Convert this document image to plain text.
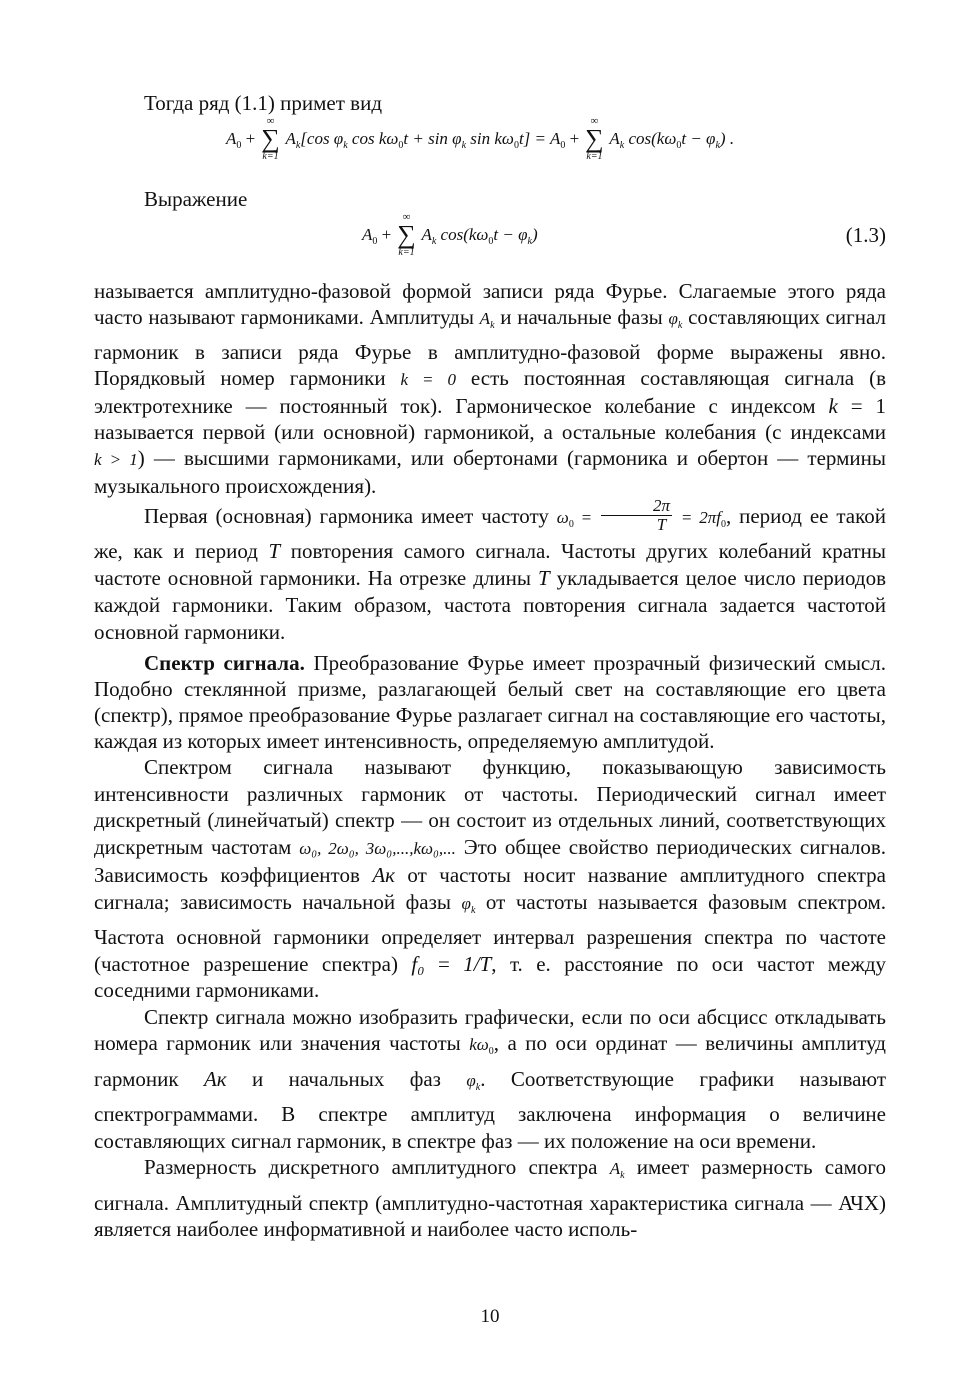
Тогда ряд (1.1) примет вид

$A_0$ +
∞
∑
k=1
$A_k[\cos$ $\varphi_k$ $\cos k\omega_0t + \sin \varphi_k$ $\sin k\omega_0t] = A_0$ +
∞
∑
k=1
$A_k$ $\cos(k\omega_0t - \varphi_k)$ .

Выражение

$A_0$ +
∞
∑
k=1
$A_k$ $\cos(k\omega_0t - \varphi_k)$	(1.3)

называется амплитудно-фазовой формой записи ряда Фурье. Слагаемые этого ряда часто называют гармониками. Амплитуды $A_k$ и начальные фазы $\varphi_k$ составляющих сигнал гармоник в записи ряда Фурье в амплитудно-фазовой форме выражены явно. Порядковый номер гармоники k = 0 есть постоянная составляющая сигнала (в электротехнике — постоянный ток). Гармоническое колебание с индексом k = 1 называется первой (или основной) гармоникой, а остальные колебания (с индексами k > 1) — высшими гармониками, или обертонами (гармоника и обертон — термины музыкального происхождения).

Первая (основная) гармоника имеет частоту $\omega_0 = \frac{2\pi}{T} = 2\pi f_0$, период ее такой же, как и период T повторения самого сигнала. Частоты других колебаний кратны частоте основной гармоники. На отрезке длины T укладывается целое число периодов каждой гармоники. Таким образом, частота повторения сигнала задается частотой основной гармоники.

Спектр сигнала. Преобразование Фурье имеет прозрачный физический смысл. Подобно стеклянной призме, разлагающей белый свет на составляющие его цвета (спектр), прямое преобразование Фурье разлагает сигнал на составляющие его частоты, каждая из которых имеет интенсивность, определяемую амплитудой.

Спектром сигнала называют функцию, показывающую зависимость интенсивности различных гармоник от частоты. Периодический сигнал имеет дискретный (линейчатый) спектр — он состоит из отдельных линий, соответствующих дискретным частотам ω₀, 2ω₀, 3ω₀,...,kω₀,... Это общее свойство периодических сигналов. Зависимость коэффициентов Aк от частоты носит название амплитудного спектра сигнала; зависимость начальной фазы $\varphi_k$ от частоты называется фазовым спектром. Частота основной гармоники определяет интервал разрешения спектра по частоте (частотное разрешение спектра) f₀ = 1/T, т. е. расстояние по оси частот между соседними гармониками.

Спектр сигнала можно изобразить графически, если по оси абсцисс откладывать номера гармоник или значения частоты $k\omega_0$, а по оси ординат — величины амплитуд гармоник Aк и начальных фаз $\varphi_k$. Соответствующие графики называют спектрограммами. В спектре амплитуд заключена информация о величине составляющих сигнал гармоник, в спектре фаз — их положение на оси времени.

Размерность дискретного амплитудного спектра $A_k$ имеет размерность самого сигнала. Амплитудный спектр (амплитудно-частотная характеристика сигнала — АЧХ) является наиболее информативной и наиболее часто исполь-

10
